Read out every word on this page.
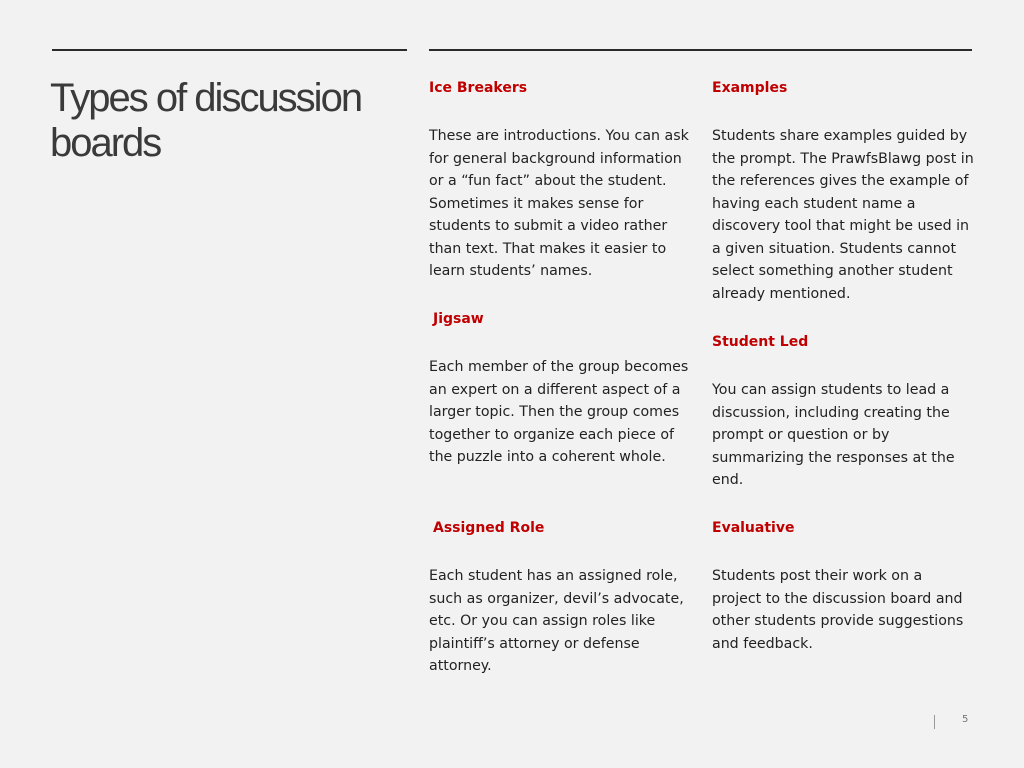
Types of discussion boards

Ice Breakers

These are introductions. You can ask for general background information or a “fun fact” about the student. Sometimes it makes sense for students to submit a video rather than text. That makes it easier to learn students’ names.

Jigsaw

Each member of the group becomes an expert on a different aspect of a larger topic. Then the group comes together to organize each piece of the puzzle into a coherent whole.

Assigned Role

Each student has an assigned role, such as organizer, devil’s advocate, etc. Or you can assign roles like plaintiff’s attorney or defense attorney.

Examples

Students share examples guided by the prompt. The PrawfsBlawg post in the references gives the example of having each student name a discovery tool that might be used in a given situation. Students cannot select something another student already mentioned.

Student Led

You can assign students to lead a discussion, including creating the prompt or question or by summarizing the responses at the end.

Evaluative

Students post their work on a project to the discussion board and other students provide suggestions and feedback.

5
